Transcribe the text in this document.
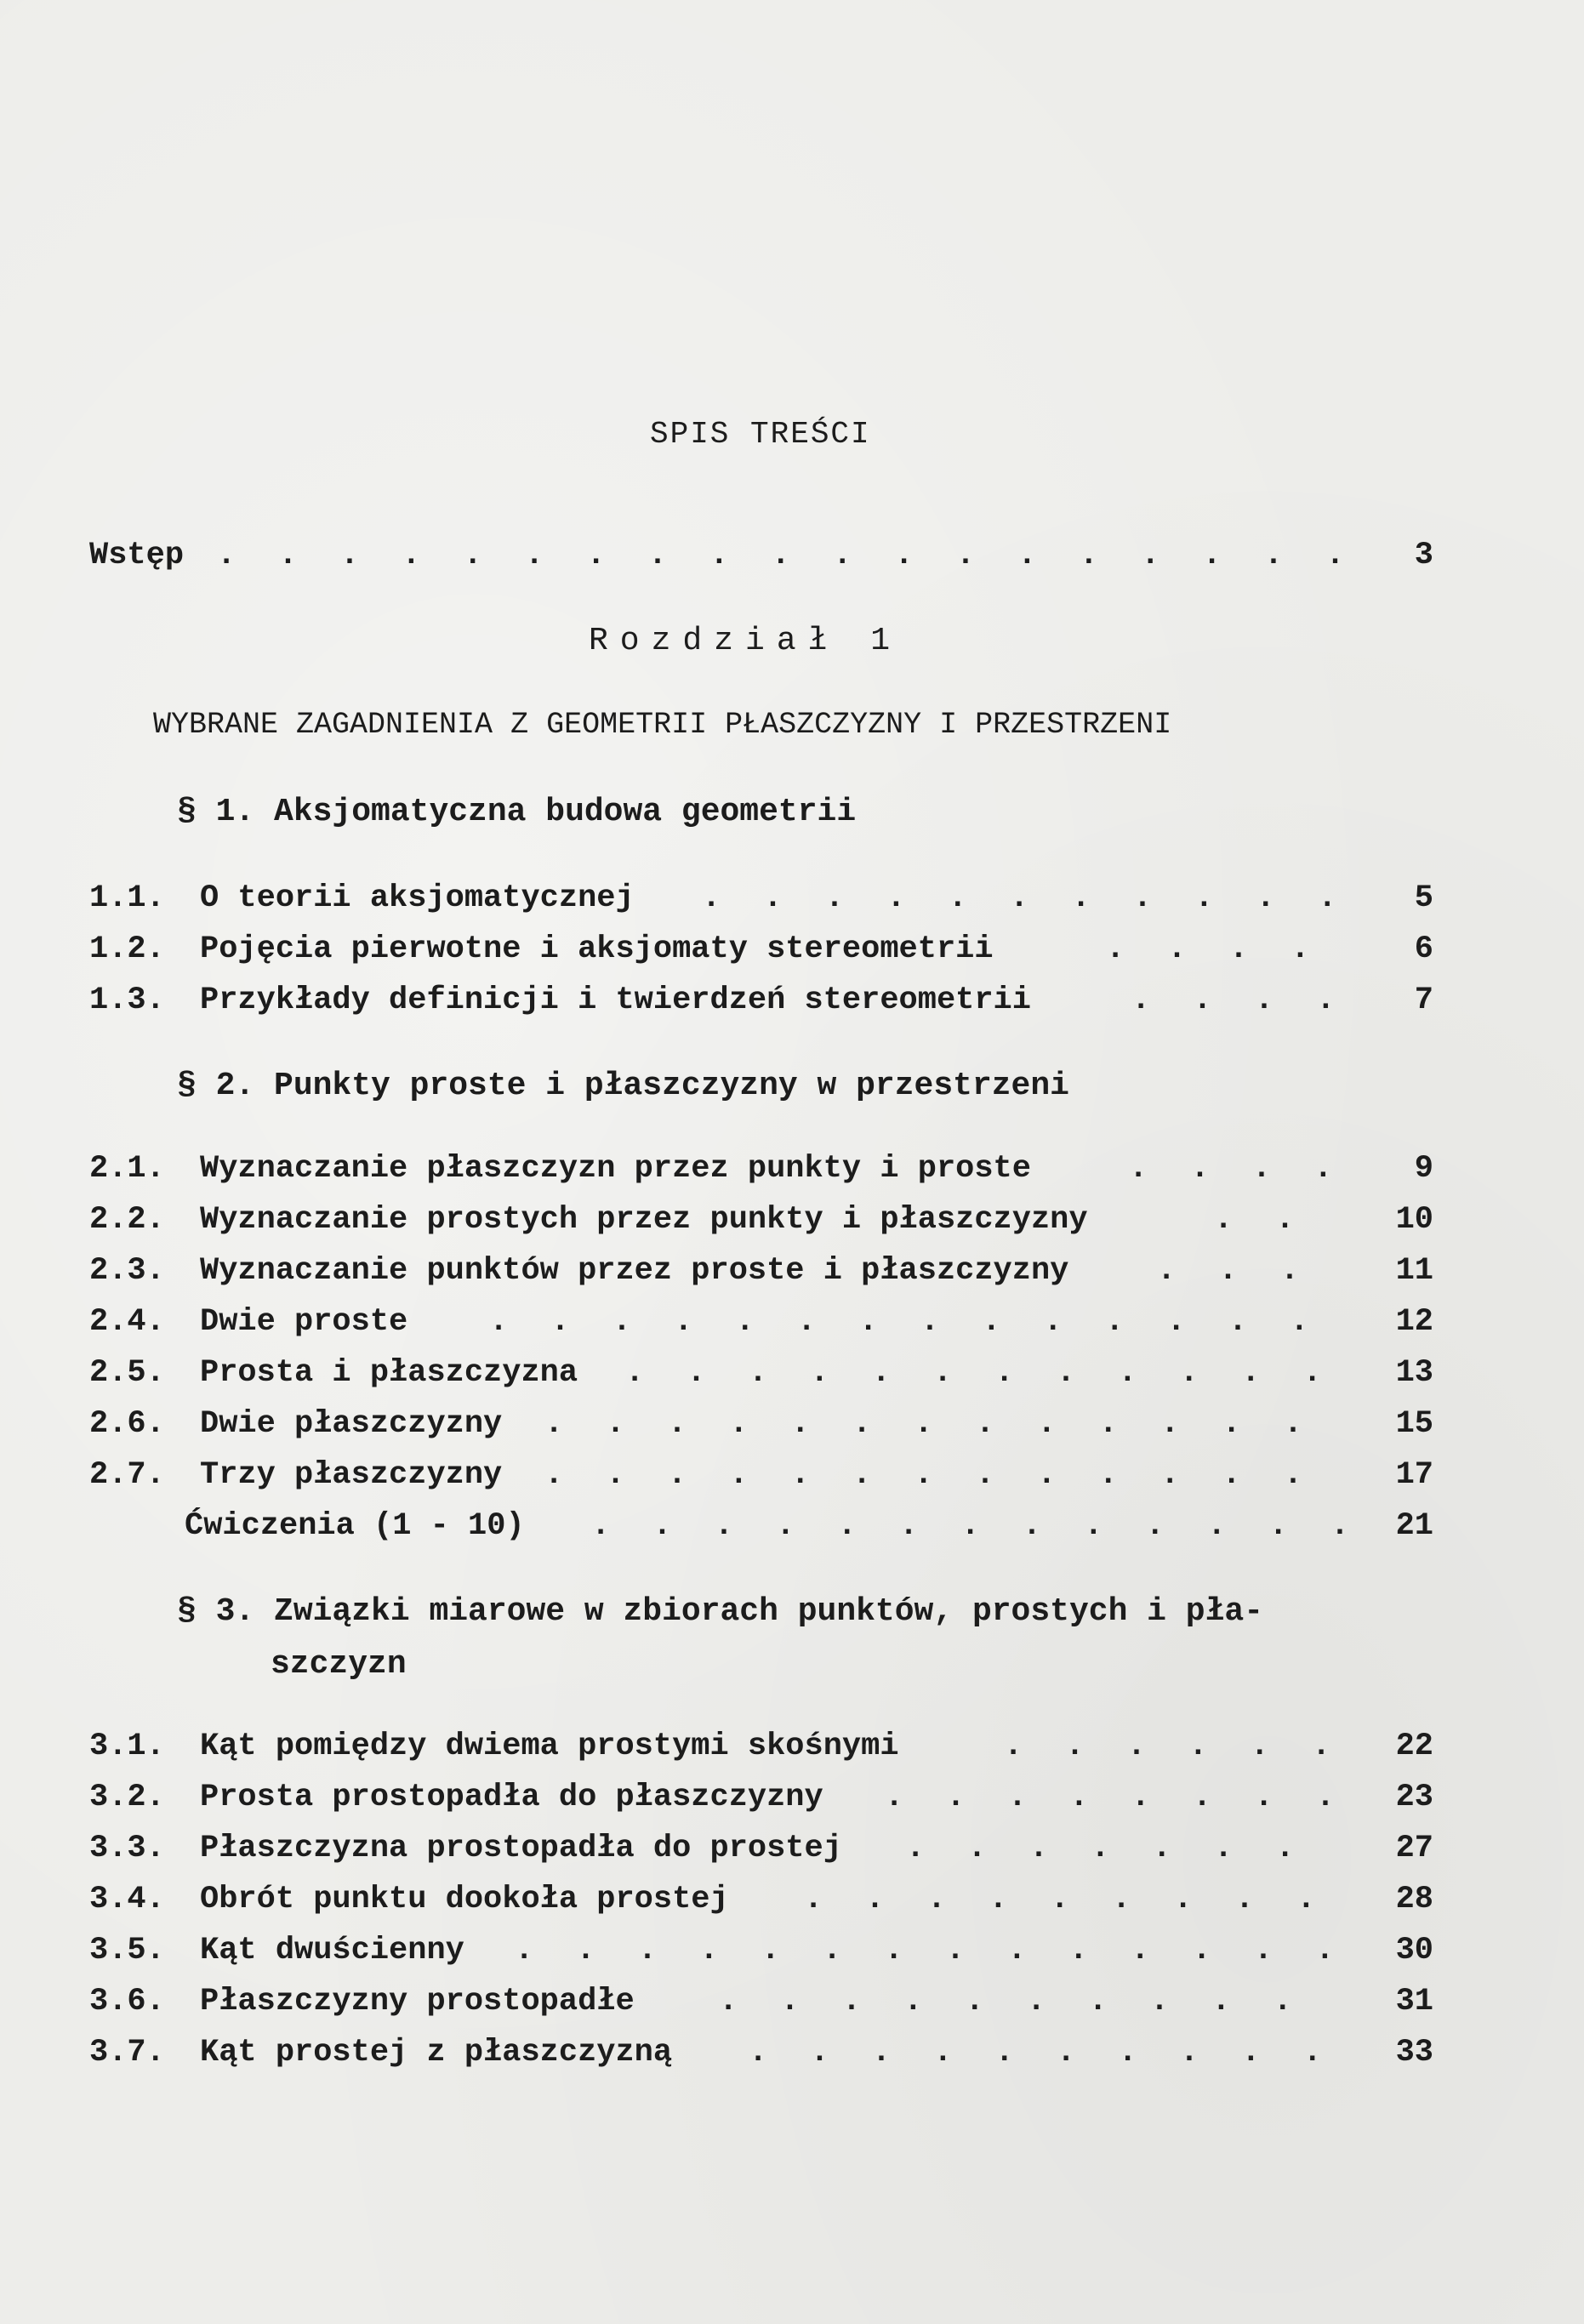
SPIS TREŚCI
Wstęp . . . . . . . . . . . . . . . . . . . 3
Rozdział 1
WYBRANE ZAGADNIENIA Z GEOMETRII PŁASZCZYZNY I PRZESTRZENI
§ 1. Aksjomatyczna budowa geometrii
1.1. O teorii aksjomatycznej . . . . . . . . . . . 5
1.2. Pojęcia pierwotne i aksjomaty stereometrii	. . . .	6
1.3. Przykłady definicji i twierdzeń stereometrii	. . . . 7
§ 2. Punkty proste i płaszczyzny w przestrzeni
2.1. Wyznaczanie płaszczyzn przez punkty i proste	. . . . 9
2.2. Wyznaczanie prostych przez punkty i płaszczyzny	. .	10
2.3. Wyznaczanie punktów przez proste i płaszczyzny	. . .	11
2.4. Dwie proste	. . . . . . . . . . . . . . 12
2.5. Prosta i płaszczyzna . . . . . . . . . . . . 13
2.6. Dwie płaszczyzny . . . . . . . . . . . . .	15
2.7. Trzy płaszczyzny . . . . . . . . . . . . .	17
Ćwiczenia (1 - 10) . . . . . . . . . . . . . 21
§ 3. Związki miarowe w zbiorach punktów, prostych i pła-
szczyzn
3.1. Kąt pomiędzy dwiema prostymi skośnymi	. . . . . . 22
3.2. Prosta prostopadła do płaszczyzny . . . . . . . . 23
3.3. Płaszczyzna prostopadła do prostej . . . . . . .	27
3.4. Obrót punktu dookoła prostej . . . . . . . . . 28
3.5. Kąt dwuścienny . . . . . . . . . . . . . . 30
3.6. Płaszczyzny prostopadłe	. . . . . . . . . .	31
3.7. Kąt prostej z płaszczyzną . . . . . . . . . . 33
